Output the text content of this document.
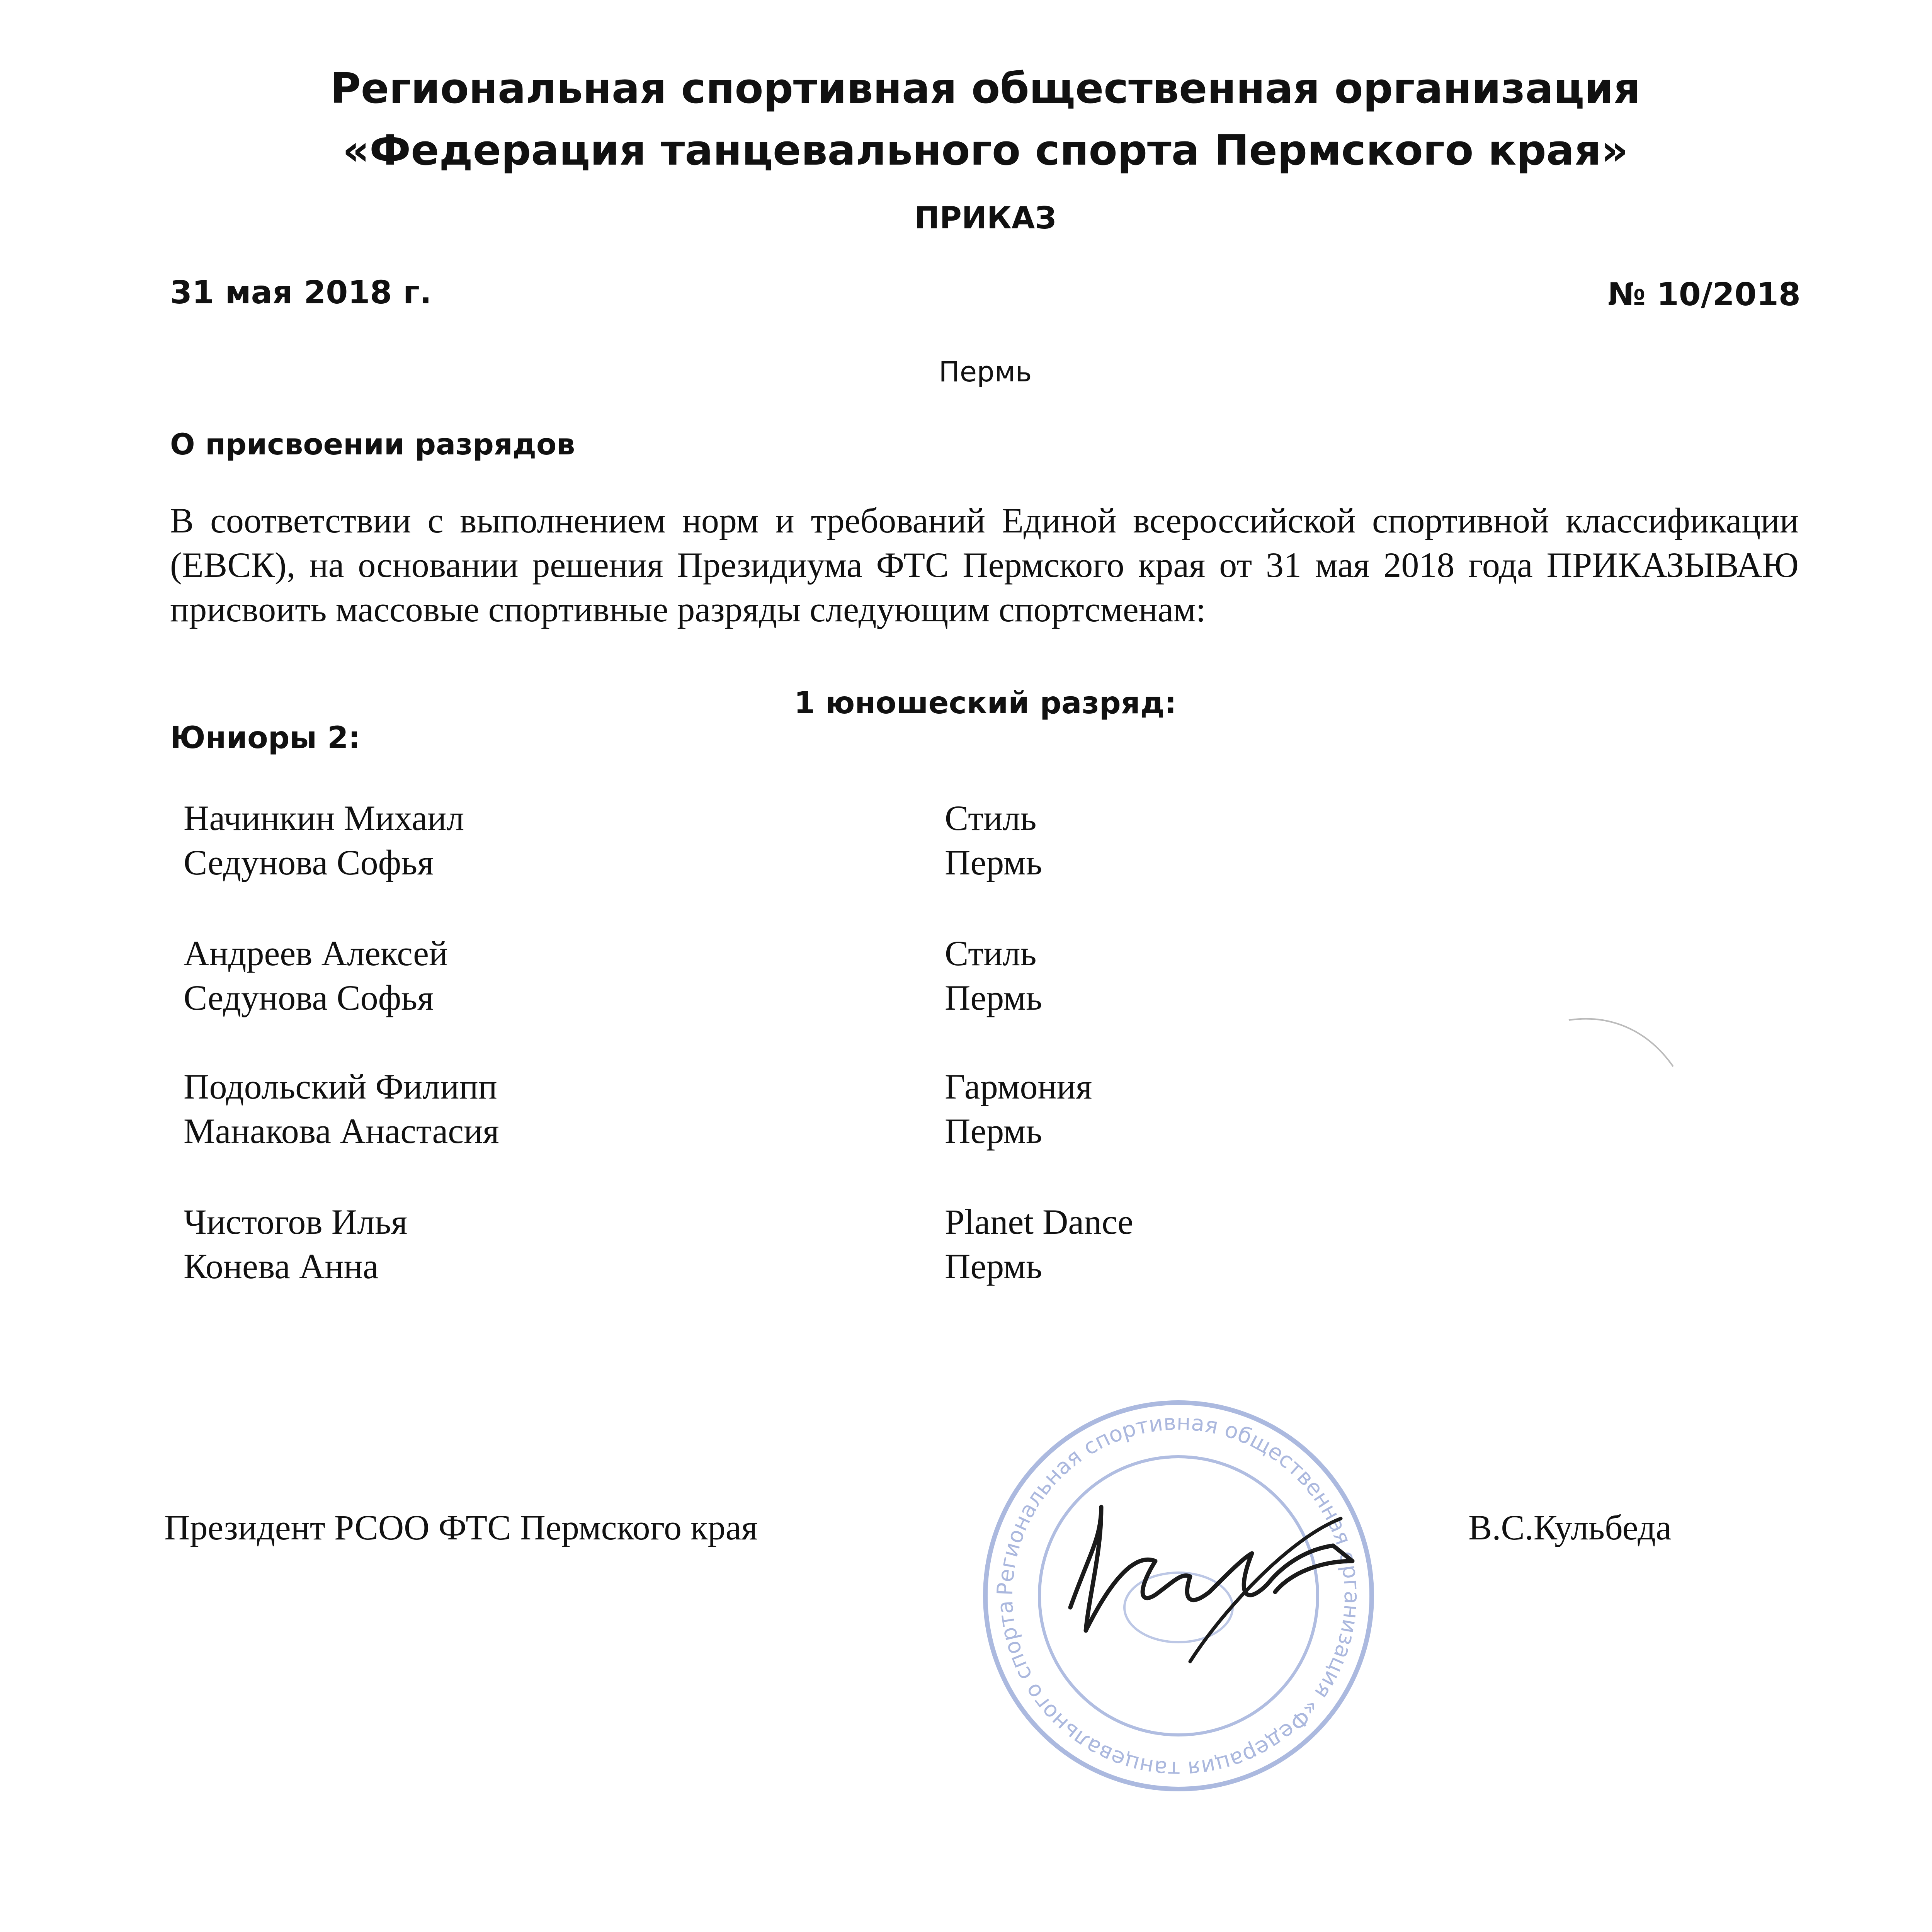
Региональная спортивная общественная организация
«Федерация танцевального спорта Пермского края»
ПРИКАЗ
31 мая 2018 г.	№ 10/2018
Пермь
О присвоении разрядов
В соответствии с выполнением норм и требований Единой всероссийской спортивной классификации (ЕВСК), на основании решения Президиума ФТС Пермского края от 31 мая 2018 года ПРИКАЗЫВАЮ присвоить массовые спортивные разряды следующим спортсменам:
1 юношеский разряд:
Юниоры 2:
Начинкин Михаил
Седунова Софья
Стиль
Пермь
Андреев Алексей
Седунова Софья
Стиль
Пермь
Подольский Филипп
Манакова Анастасия
Гармония
Пермь
Чистогов Илья
Конева Анна
Planet Dance
Пермь
Президент РСОО ФТС Пермского края	В.С.Кульбеда
Региональная спортивная общественная организация «Федерация танцевального спорта
